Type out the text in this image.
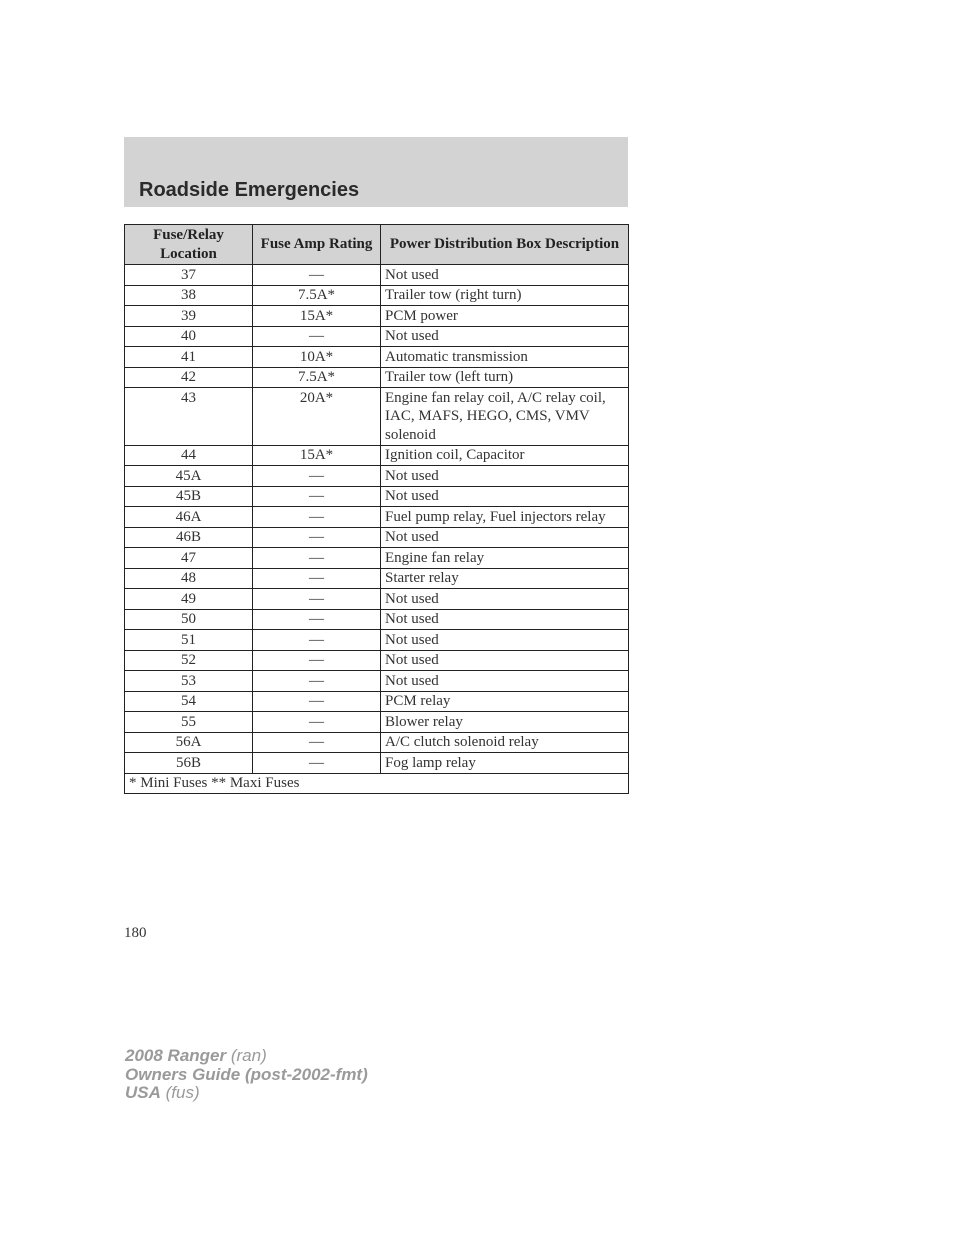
Roadside Emergencies
Fuse/Relay Location	Fuse Amp Rating	Power Distribution Box Description
37	—	Not used
38	7.5A*	Trailer tow (right turn)
39	15A*	PCM power
40	—	Not used
41	10A*	Automatic transmission
42	7.5A*	Trailer tow (left turn)
43	20A*	Engine fan relay coil, A/C relay coil, IAC, MAFS, HEGO, CMS, VMV solenoid
44	15A*	Ignition coil, Capacitor
45A	—	Not used
45B	—	Not used
46A	—	Fuel pump relay, Fuel injectors relay
46B	—	Not used
47	—	Engine fan relay
48	—	Starter relay
49	—	Not used
50	—	Not used
51	—	Not used
52	—	Not used
53	—	Not used
54	—	PCM relay
55	—	Blower relay
56A	—	A/C clutch solenoid relay
56B	—	Fog lamp relay
* Mini Fuses ** Maxi Fuses		
180
2008 Ranger (ran)
Owners Guide (post-2002-fmt)
USA (fus)
